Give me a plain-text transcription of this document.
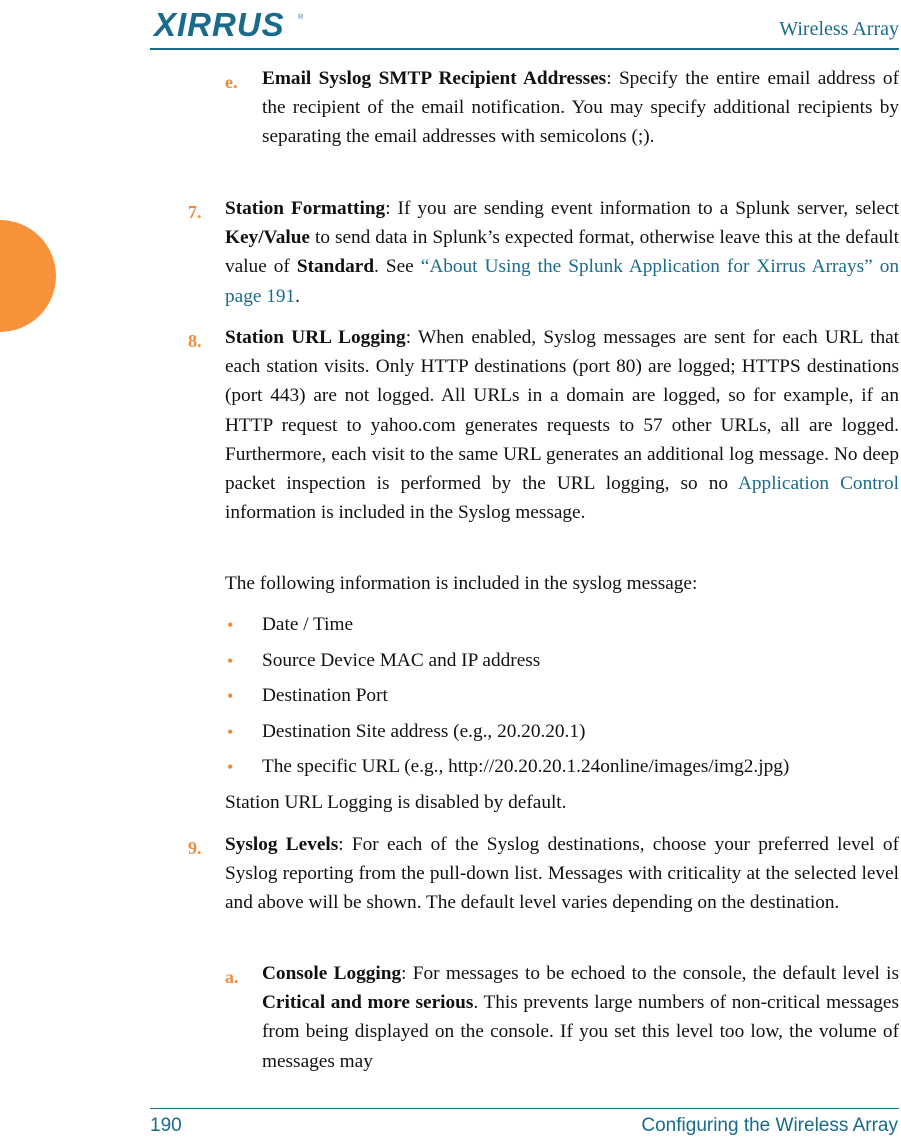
XIRRUS ®
Wireless Array
e. Email Syslog SMTP Recipient Addresses: Specify the entire email address of the recipient of the email notification. You may specify additional recipients by separating the email addresses with semicolons (;).
7. Station Formatting: If you are sending event information to a Splunk server, select Key/Value to send data in Splunk’s expected format, otherwise leave this at the default value of Standard. See “About Using the Splunk Application for Xirrus Arrays” on page 191.
8. Station URL Logging: When enabled, Syslog messages are sent for each URL that each station visits. Only HTTP destinations (port 80) are logged; HTTPS destinations (port 443) are not logged. All URLs in a domain are logged, so for example, if an HTTP request to yahoo.com generates requests to 57 other URLs, all are logged. Furthermore, each visit to the same URL generates an additional log message. No deep packet inspection is performed by the URL logging, so no Application Control information is included in the Syslog message.
The following information is included in the syslog message:
• Date / Time
• Source Device MAC and IP address
• Destination Port
• Destination Site address (e.g., 20.20.20.1)
• The specific URL (e.g., http://20.20.20.1.24online/images/img2.jpg)
Station URL Logging is disabled by default.
9. Syslog Levels: For each of the Syslog destinations, choose your preferred level of Syslog reporting from the pull-down list. Messages with criticality at the selected level and above will be shown. The default level varies depending on the destination.
a. Console Logging: For messages to be echoed to the console, the default level is Critical and more serious. This prevents large numbers of non-critical messages from being displayed on the console. If you set this level too low, the volume of messages may
190	Configuring the Wireless Array
